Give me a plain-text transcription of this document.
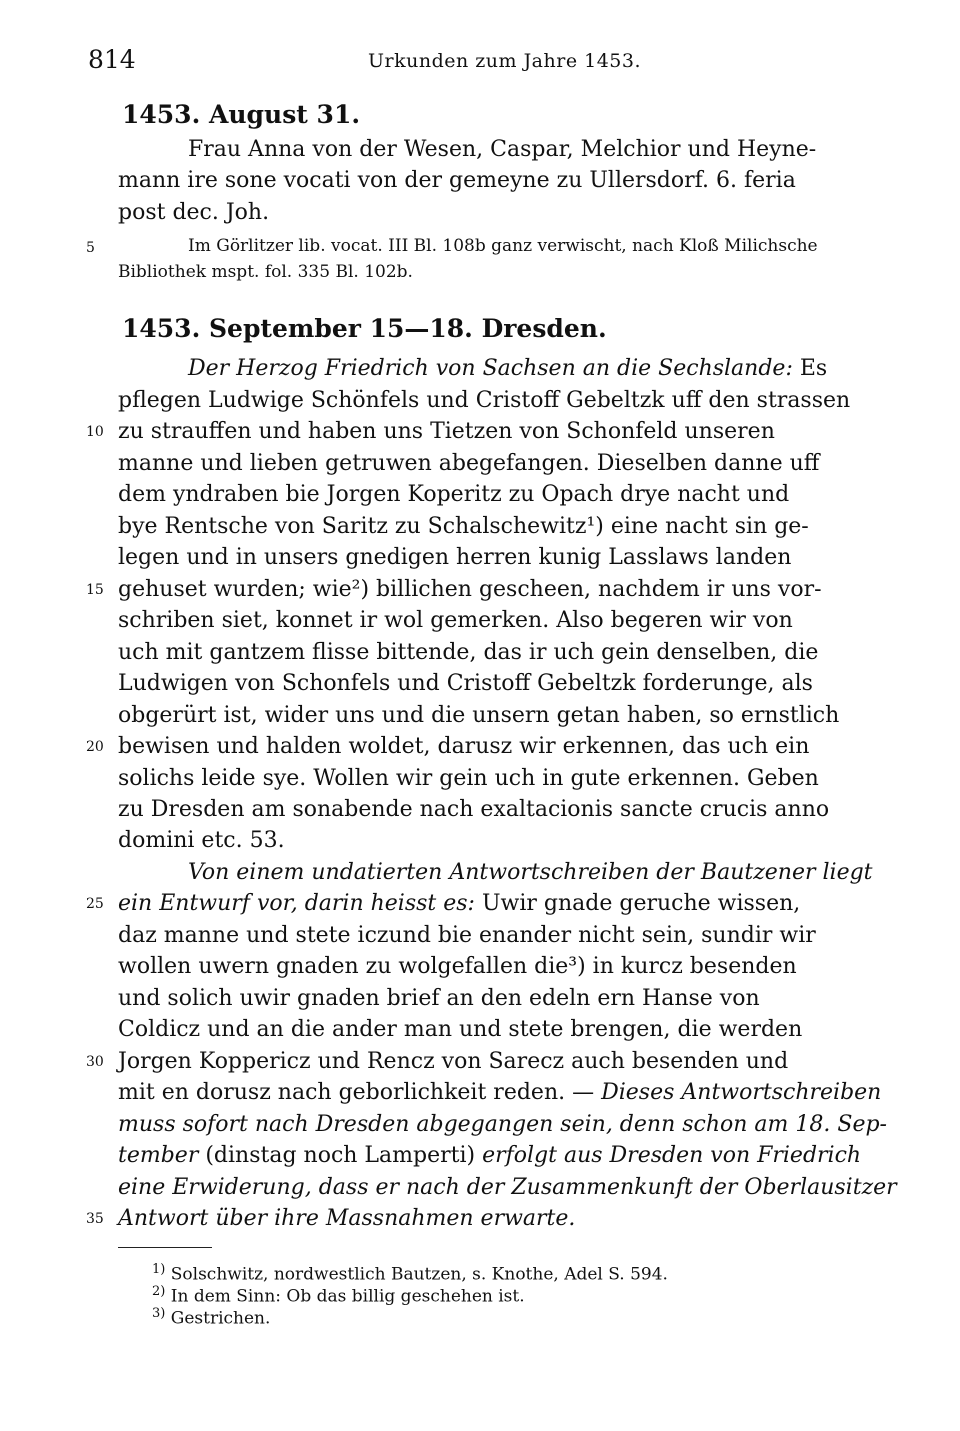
814	Urkunden zum Jahre 1453.
1453. August 31.
Frau Anna von der Wesen, Caspar, Melchior und Heyne-
mann ire sone vocati von der gemeyne zu Ullersdorf. 6. feria
post dec. Joh.
5	Im Görlitzer lib. vocat. III Bl. 108b ganz verwischt, nach Kloß Milichsche
Bibliothek mspt. fol. 335 Bl. 102b.
1453. September 15—18. Dresden.
Der Herzog Friedrich von Sachsen an die Sechslande: Es
pflegen Ludwige Schönfels und Cristoff Gebeltzk uff den strassen
10 zu strauffen und haben uns Tietzen von Schonfeld unseren
manne und lieben getruwen abegefangen. Dieselben danne uff
dem yndraben bie Jorgen Koperitz zu Opach drye nacht und
bye Rentsche von Saritz zu Schalschewitz¹) eine nacht sin ge-
legen und in unsers gnedigen herren kunig Lasslaws landen
15 gehuset wurden; wie²) billichen gescheen, nachdem ir uns vor-
schriben siet, konnet ir wol gemerken. Also begeren wir von
uch mit gantzem flisse bittende, das ir uch gein denselben, die
Ludwigen von Schonfels und Cristoff Gebeltzk forderunge, als
obgerürt ist, wider uns und die unsern getan haben, so ernstlich
20 bewisen und halden woldet, darusz wir erkennen, das uch ein
solichs leide sye. Wollen wir gein uch in gute erkennen. Geben
zu Dresden am sonabende nach exaltacionis sancte crucis anno
domini etc. 53.
Von einem undatierten Antwortschreiben der Bautzener liegt
25 ein Entwurf vor, darin heisst es: Uwir gnade geruche wissen,
daz manne und stete iczund bie enander nicht sein, sundir wir
wollen uwern gnaden zu wolgefallen die³) in kurcz besenden
und solich uwir gnaden brief an den edeln ern Hanse von
Coldicz und an die ander man und stete brengen, die werden
30 Jorgen Koppericz und Rencz von Sarecz auch besenden und
mit en dorusz nach geborlichkeit reden. — Dieses Antwortschreiben
muss sofort nach Dresden abgegangen sein, denn schon am 18. Sep-
tember (dinstag noch Lamperti) erfolgt aus Dresden von Friedrich
eine Erwiderung, dass er nach der Zusammenkunft der Oberlausitzer
35 Antwort über ihre Massnahmen erwarte.
$^{1)}$ Solschwitz, nordwestlich Bautzen, s. Knothe, Adel S. 594.
$^{2)}$ In dem Sinn: Ob das billig geschehen ist.
$^{3)}$ Gestrichen.
